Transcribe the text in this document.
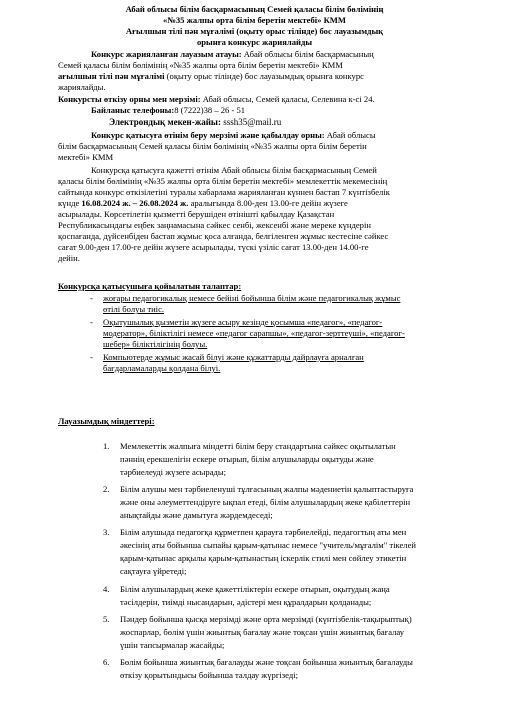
Абай облысы білім басқармасының Семей қаласы білім бөлімінің
«№35 жалпы орта білім беретін мектебі» КММ
Ағылшын тілі пән мұғалімі (оқыту орыс тілінде) бос лауазымдық
орынға конкурс жариялайды
Конкурс жарияланған лауазым атауы: Абай облысы білім басқармасының
Семей қаласы білім бөлімінің «№35 жалпы орта білім беретін мектебі» КММ
ағылшын тілі пән мұғалімі (оқыту орыс тілінде) бос лауазымдық орынға конкурс
жариялайды.
Конкурсты өткізу орны мен мерзімі: Абай облысы, Семей қаласы, Селевина к-сі 24.
Байланыс телефоны:8 (7222)38 – 26 - 51
Электрондық мекен-жайы: sssh35@mail.ru
Конкурс қатысуға өтінім беру мерзімі және қабылдау орны: Абай облысы
білім басқармасының Семей қаласы білім бөлімінің «№35 жалпы орта білім беретін
мектебі» КММ
Конкурсқа қатысуға қажетті өтінім Абай облысы білім басқармасының Семей
қаласы білім бөлімінің «№35 жалпы орта білім беретін мектебі» мемлекеттік мекемесінің
сайтында конкурс өткізілетіні туралы хабарлама жарияланған күннен бастап 7 күнтізбелік
күнде 16.08.2024 ж. – 26.08.2024 ж. аралығында 8.00-ден 13.00-ге дейін жүзеге
асырылады. Көрсетілетін қызметті берушіден өтінішті қабылдау Қазақстан
Республикасындағы еңбек заңнамасына сәйкес сенбі, жексенбі және мереке күндерін
қоспағанда, дүйсенбіден бастап жұмыс қоса алғанда, белгіленген жұмыс кестесіне сәйкес
сағат 9.00-ден 17.00-ге дейін жүзеге асырылады, түскі үзіліс сағат 13.00-ден 14.00-ге
дейін.
Конкурсқа қатысушыға қойылатын талаптар:
- жоғары педагогикалық немесе бейіні бойынша білім және педагогикалық жұмыс
өтілі болуы тиіс.
- Оқытушылық қызметін жүзеге асыру кезінде қосымша «педагог», «педагог-
модератор», біліктілігі немесе «педагог сарапшы», «педагог-зерттеуші», «педагог-
шебер» біліктілігінің болуы.
- Компьютерде жұмыс жасай білуі және құжаттарды дайрлауға арналған
бағдарламаларды қолдана білуі.
Лауазымдық міндеттері:
1. Мемлекеттік жалпыға міндетті білім беру стандартына сәйкес оқытылатын
пәннің ерекшелігін ескере отырып, білім алушыларды оқытуды және
тәрбиелеуді жүзеге асырады;
2. Білім алушы мен тәрбиеленуші тұлғасының жалпы мәдениетін қалыптастыруға
және оны әлеуметтендіруге ықпал етеді, білім алушылардың жеке қабілеттерін
анықтайды және дамытуға жәрдемдеседі;
3. Білім алушыда педагогқа құрметпен қарауға тәрбиелейді, педагогтың аты мен
әкесінің аты бойынша сыпайы қарым-қатынас немесе "учитель/мұғалім" тікелей
қарым-қатынас арқылы қарым-қатынастың іскерлік стилі мен сөйлеу этикетін
сақтауға үйретеді;
4. Білім алушылардың жеке қажеттіліктерін ескере отырып, оқытудың жаңа
тәсілдерін, тиімді нысандарын, әдістері мен құралдарын қолданады;
5. Пәндер бойынша қысқа мерзімді және орта мерзімді (күнтізбелік-тақырыптық)
жоспарлар, бөлім үшін жиынтық бағалау және тоқсан үшін жиынтық бағалау
үшін тапсырмалар жасайды;
6. Бөлім бойынша жиынтық бағалауды және тоқсан бойынша жиынтық бағалауды
өткізу қорытындысы бойынша талдау жүргізеді;
